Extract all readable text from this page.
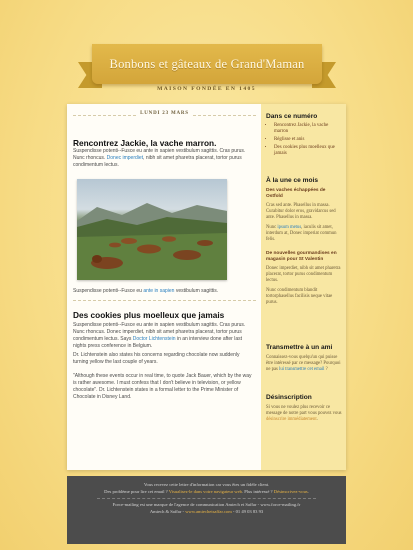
Bonbons et gâteaux de Grand'Maman
MAISON FONDÉE EN 1405
LUNDI 23 MARS
Rencontrez Jackie, la vache marron.

Suspendisse potenti--Fusce eu ante in sapien vestibulum sagittis. Cras purus. Nunc rhoncus. Donec imperdiet, nibh sit amet pharetra placerat, tortor purus condimentum lectus.

Suspendisse potenti--Fusce eu ante in sapien vestibulum sagittis.

Des cookies plus moelleux que jamais

Suspendisse potenti--Fusce eu ante in sapien vestibulum sagittis. Cras purus. Nunc rhoncus. Donec imperdiet, nibh sit amet pharetra placerat, tortor purus condimentum lectus. Says Doctor Lichtenstein in an interview done after last nights press conference in Belgium.

Dr. Lichtenstein also states his concerns regarding chocolate now suddenly turning yellow the last couple of years.

"Although these events occur in real time, to quote Jack Bauer, which by the way is rather awesome. I must confess that I don't believe in television, or yellow chocolate". Dr. Lichtenstein states in a formal letter to the Prime Minister of Chocolate in Disney Land.

Dans ce numéro
• Rencontrez Jackie, la vache marron
• Réglisse et anis
• Des cookies plus moelleux que jamais
À la une ce mois
Des vaches échappées de Ostfold

Cras sed ante. Phasellus in massa. Curabitur dolor eros, gravidarcus sed ante. Phasellus in massa.

Nunc ipsum metus, iaculis sit amet, interdum at, Donec imperiat commun felis.

De nouvelles gourmandises en magasin pour St Valentin

Donec imperdiet, nibh sit amet pharetra placerat, tortor purus condimentum lectus.

Nunc condimentum blandit tortorphasellus facilisis neque vitae purus.

Transmettre à un ami

Connaissez-vous quelqu'un qui puisse être intéressé par ce message? Pourquoi ne pas lui transmettre cet email ?

Désinscription

Si vous ne voulez plus recevoir ce message de notre part vous pouvez vous désinscrire immédiatement.

Vous recevez cette lettre d'information car vous êtes un fidèle client.

Des problème pour lire cet email ? Visualisez-le dans votre navigateur web. Plus intéressé ? Désinscrivez-vous.

Force-mailing est une marque de l'agence de communication Amiech et Saffar - www.force-mailing.fr

Amiech & Saffar - www.amiechetsaffar.com - 01 49 03 83 93
